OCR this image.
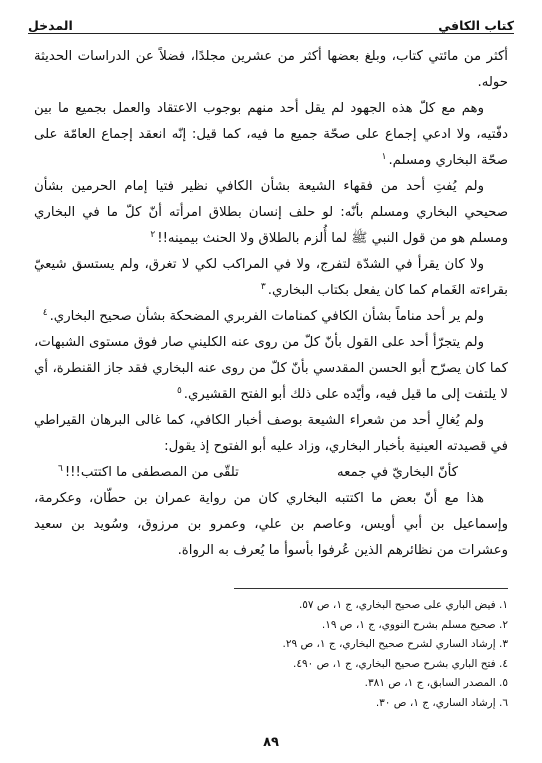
كتاب الكافي
المدخل

أكثر من مائتي كتاب، وبلغ بعضها أكثر من عشرين مجلدًا، فضلاً عن الدراسات الحديثة حوله.

وهم مع كلّ هذه الجهود لم يقل أحد منهم بوجوب الاعتقاد والعمل بجميع ما بين دفّتيه، ولا ادعي إجماع على صحّة جميع ما فيه، كما قيل: إنّه انعقد إجماع العامّة على صحّة البخاري ومسلم.$^١$

ولم يُفتِ أحد من فقهاء الشيعة بشأن الكافي نظير فتيا إمام الحرمين بشأن صحيحي البخاري ومسلم بأنّه: لو حلف إنسان بطلاق امرأته أنّ كلّ ما في البخاري ومسلم هو من قول النبي ﷺ لما أُلزم بالطلاق ولا الحنث بيمينه!!$^٢$

ولا كان يقرأ في الشدّة لتفرج، ولا في المراكب لكي لا تغرق، ولم يستسق شيعيّ بقراءته الغَمام كما كان يفعل بكتاب البخاري.$^٣$

ولم ير أحد مناماً بشأن الكافي كمنامات الفربري المضحكة بشأن صحيح البخاري.$^٤$

ولم يتجرّأ أحد على القول بأنّ كلّ من روى عنه الكليني صار فوق مستوى الشبهات، كما كان يصرّح أبو الحسن المقدسي بأنّ كلّ من روى عنه البخاري فقد جاز القنطرة، أي لا يلتفت إلى ما قيل فيه، وأيّده على ذلك أبو الفتح القشيري.$^٥$

ولم يُغالِ أحد من شعراء الشيعة بوصف أخبار الكافي، كما غالى البرهان القيراطي في قصيدته العينية بأخبار البخاري، وزاد عليه أبو الفتوح إذ يقول:

كأنّ البخاريّ في جمعه
تلقّى من المصطفى ما اكتتب!!!$^٦$

هذا مع أنّ بعض ما اكتتبه البخاري كان من رواية عمران بن حطّان، وعكرمة، وإسماعيل بن أبي أويس، وعاصم بن علي، وعمرو بن مرزوق، وسُويد بن سعيد وعشرات من نظائرهم الذين عُرفوا بأسوأ ما يُعرف به الرواة.

١. فيض الباري على صحيح البخاري، ج ١، ص ٥٧.
٢. صحيح مسلم بشرح النووي، ج ١، ص ١٩.
٣. إرشاد الساري لشرح صحيح البخاري، ج ١، ص ٢٩.
٤. فتح الباري بشرح صحيح البخاري، ج ١، ص ٤٩٠.
٥. المصدر السابق، ج ١، ص ٣٨١.
٦. إرشاد الساري، ج ١، ص ٣٠.
٨٩
